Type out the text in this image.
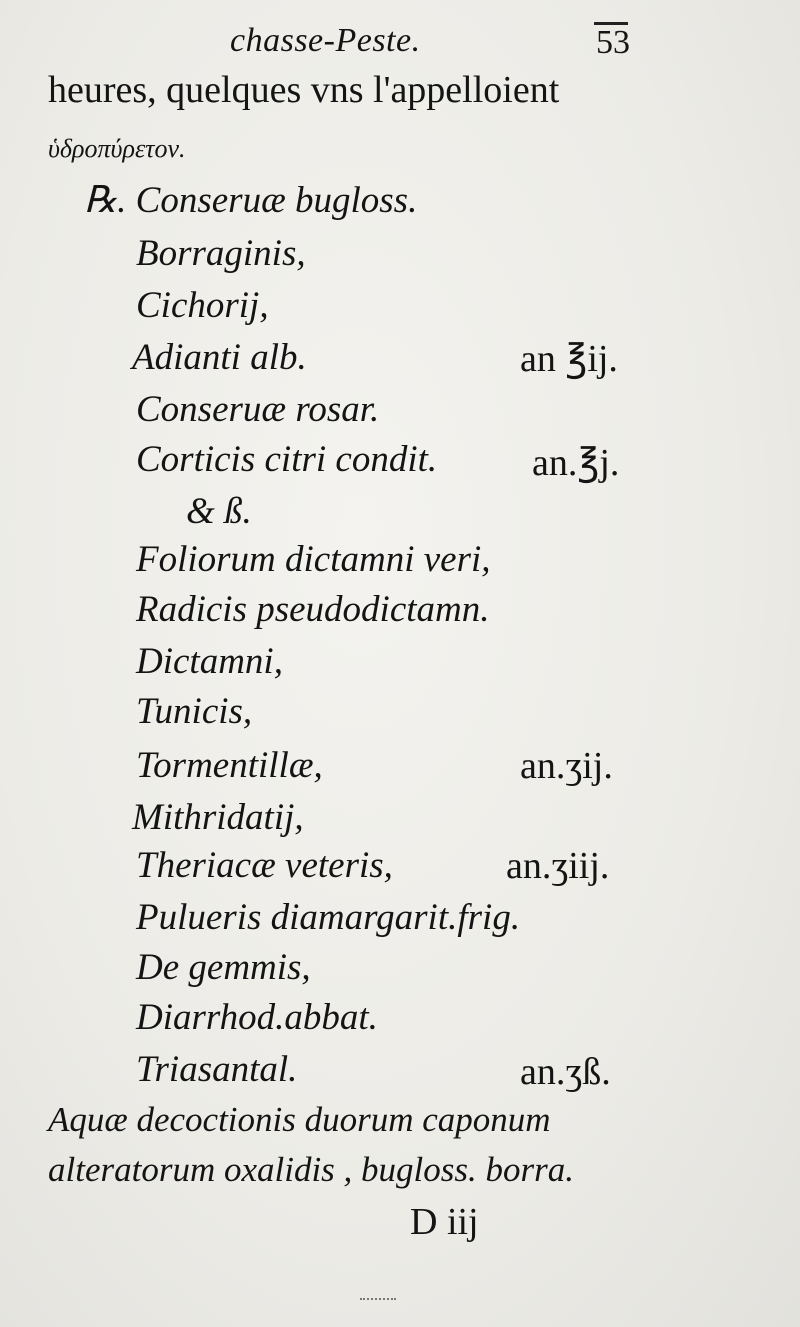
chasse-Peste.	53
heures, quelques vns l'appelloient
ὑδροπύρετον.
℞. Conseruæ bugloss.
Borraginis,
Cichorij,
Adianti alb.	an ℥ij.
Conseruæ rosar.
Corticis citri condit. an.℥j.
& ß.
Foliorum dictamni veri,
Radicis pseudodictamn.
Dictamni,
Tunicis,
Tormentillæ,	an.ʒij.
Mithridatij,
Theriacæ veteris,	an.ʒiij.
Pulueris diamargarit.frig.
De gemmis,
Diarrhod.abbat.
Triasantal.	an.ʒß.
Aquæ decoctionis duorum caponum
alteratorum oxalidis , bugloss. borra.
D iij
